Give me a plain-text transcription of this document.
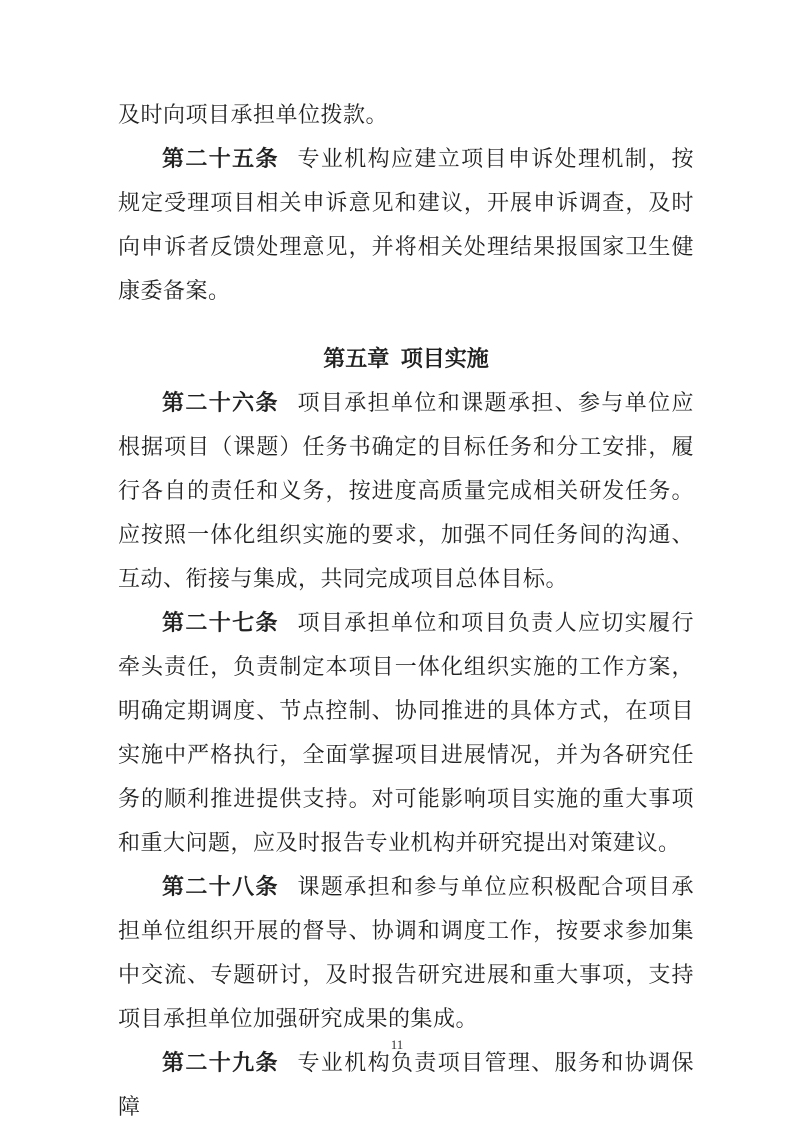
及时向项目承担单位拨款。

第二十五条 专业机构应建立项目申诉处理机制，按规定受理项目相关申诉意见和建议，开展申诉调查，及时向申诉者反馈处理意见，并将相关处理结果报国家卫生健康委备案。

第五章 项目实施

第二十六条 项目承担单位和课题承担、参与单位应根据项目（课题）任务书确定的目标任务和分工安排，履行各自的责任和义务，按进度高质量完成相关研发任务。应按照一体化组织实施的要求，加强不同任务间的沟通、互动、衔接与集成，共同完成项目总体目标。

第二十七条 项目承担单位和项目负责人应切实履行牵头责任，负责制定本项目一体化组织实施的工作方案，明确定期调度、节点控制、协同推进的具体方式，在项目实施中严格执行，全面掌握项目进展情况，并为各研究任务的顺利推进提供支持。对可能影响项目实施的重大事项和重大问题，应及时报告专业机构并研究提出对策建议。

第二十八条 课题承担和参与单位应积极配合项目承担单位组织开展的督导、协调和调度工作，按要求参加集中交流、专题研讨，及时报告研究进展和重大事项，支持项目承担单位加强研究成果的集成。

第二十九条 专业机构负责项目管理、服务和协调保障

11
